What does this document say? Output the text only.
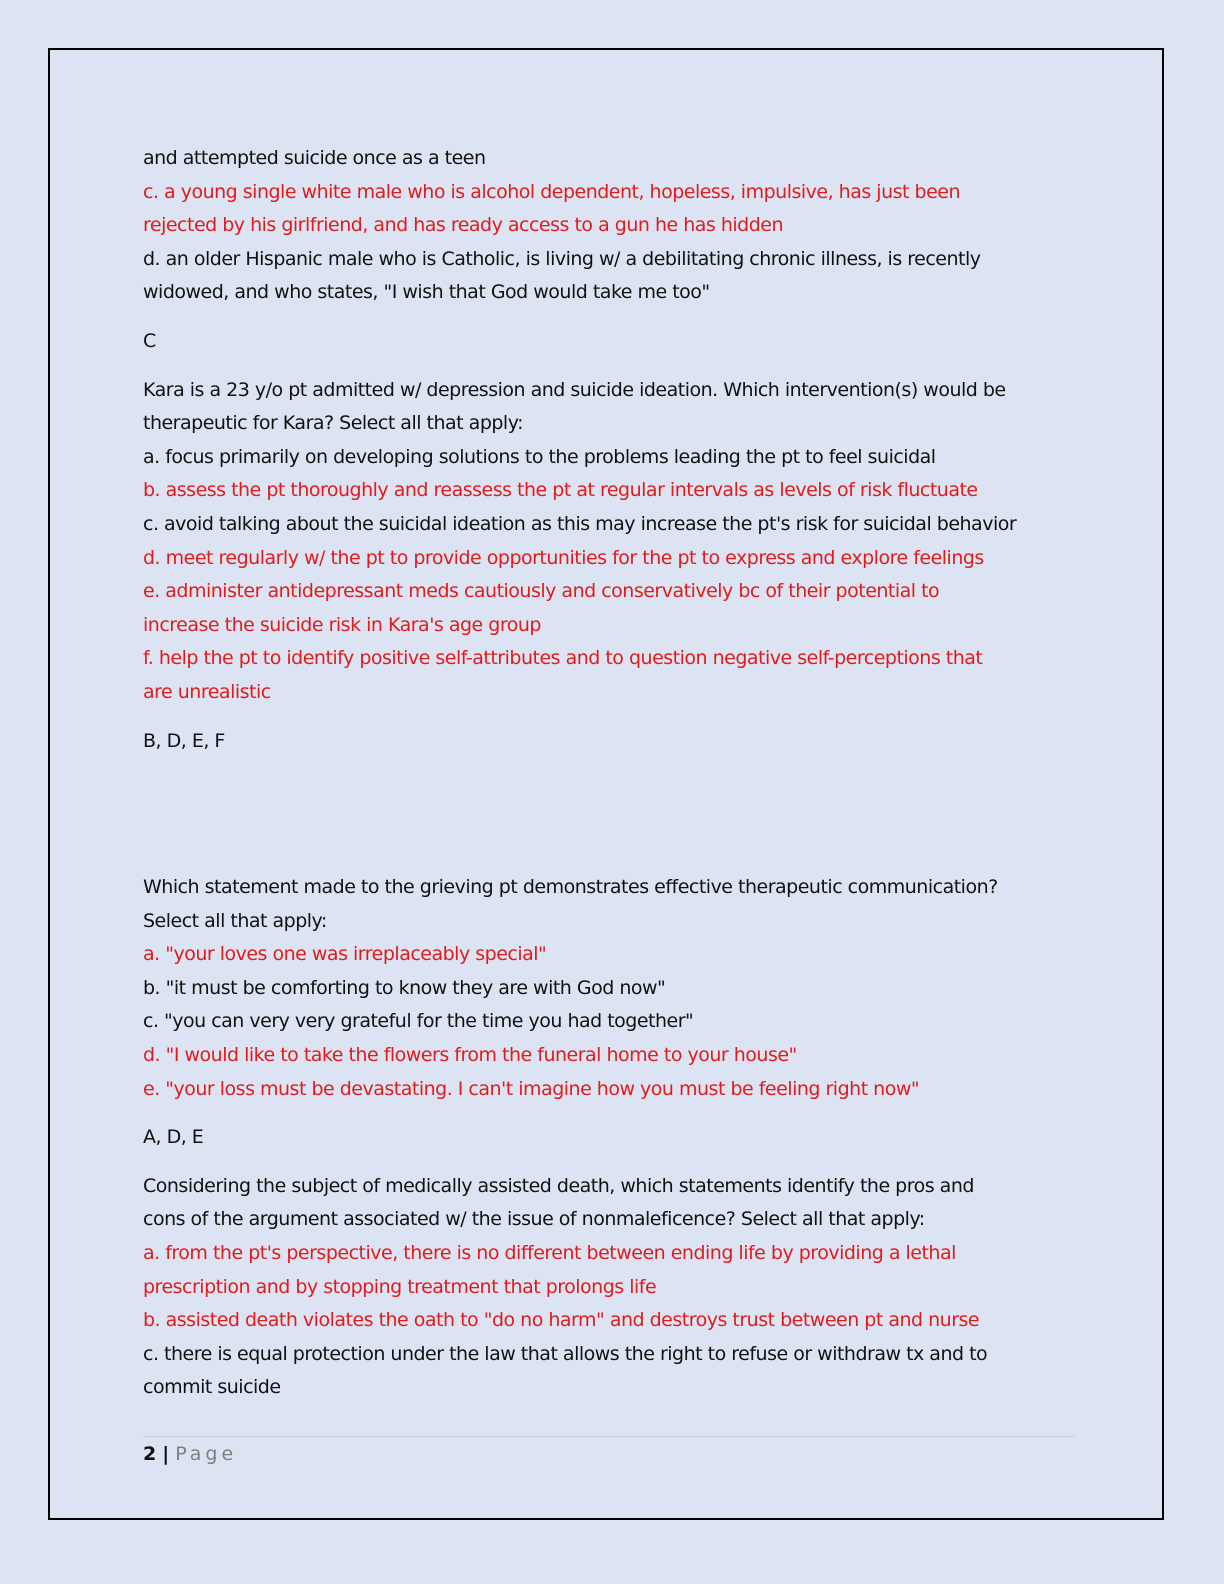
and attempted suicide once as a teen
c. a young single white male who is alcohol dependent, hopeless, impulsive, has just been
rejected by his girlfriend, and has ready access to a gun he has hidden
d. an older Hispanic male who is Catholic, is living w/ a debilitating chronic illness, is recently
widowed, and who states, "I wish that God would take me too"
C
Kara is a 23 y/o pt admitted w/ depression and suicide ideation. Which intervention(s) would be
therapeutic for Kara? Select all that apply:
a. focus primarily on developing solutions to the problems leading the pt to feel suicidal
b. assess the pt thoroughly and reassess the pt at regular intervals as levels of risk fluctuate
c. avoid talking about the suicidal ideation as this may increase the pt's risk for suicidal behavior
d. meet regularly w/ the pt to provide opportunities for the pt to express and explore feelings
e. administer antidepressant meds cautiously and conservatively bc of their potential to
increase the suicide risk in Kara's age group
f. help the pt to identify positive self-attributes and to question negative self-perceptions that
are unrealistic
B, D, E, F
Which statement made to the grieving pt demonstrates effective therapeutic communication?
Select all that apply:
a. "your loves one was irreplaceably special"
b. "it must be comforting to know they are with God now"
c. "you can very very grateful for the time you had together"
d. "I would like to take the flowers from the funeral home to your house"
e. "your loss must be devastating. I can't imagine how you must be feeling right now"
A, D, E
Considering the subject of medically assisted death, which statements identify the pros and
cons of the argument associated w/ the issue of nonmaleficence? Select all that apply:
a. from the pt's perspective, there is no different between ending life by providing a lethal
prescription and by stopping treatment that prolongs life
b. assisted death violates the oath to "do no harm" and destroys trust between pt and nurse
c. there is equal protection under the law that allows the right to refuse or withdraw tx and to
commit suicide
2 | Page
